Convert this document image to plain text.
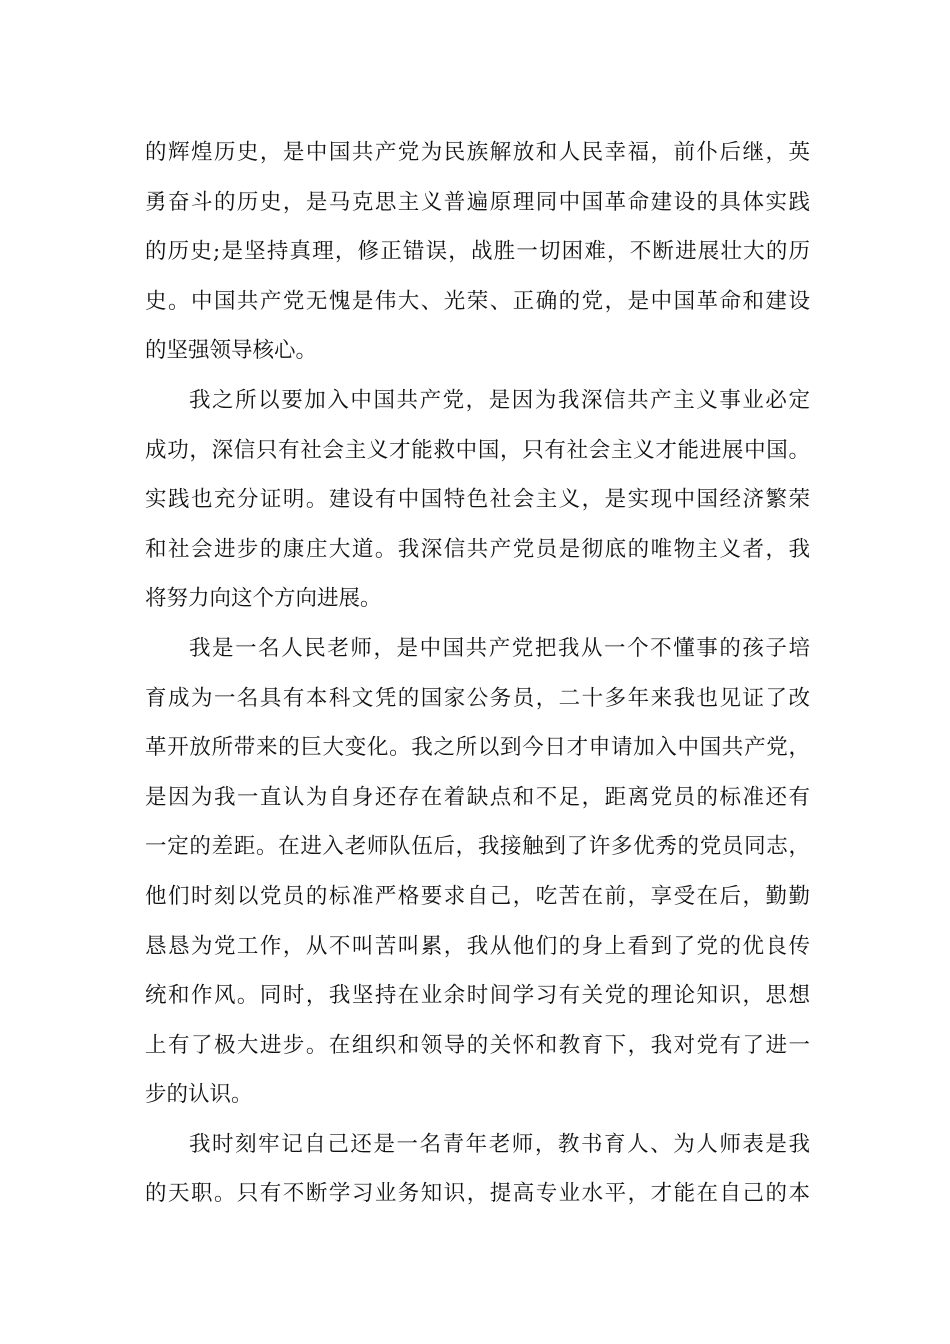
的辉煌历史，是中国共产党为民族解放和人民幸福，前仆后继，英
勇奋斗的历史，是马克思主义普遍原理同中国革命建设的具体实践
的历史;是坚持真理，修正错误，战胜一切困难，不断进展壮大的历
史。中国共产党无愧是伟大、光荣、正确的党，是中国革命和建设
的坚强领导核心。
我之所以要加入中国共产党，是因为我深信共产主义事业必定
成功，深信只有社会主义才能救中国，只有社会主义才能进展中国。
实践也充分证明。建设有中国特色社会主义，是实现中国经济繁荣
和社会进步的康庄大道。我深信共产党员是彻底的唯物主义者，我
将努力向这个方向进展。
我是一名人民老师，是中国共产党把我从一个不懂事的孩子培
育成为一名具有本科文凭的国家公务员，二十多年来我也见证了改
革开放所带来的巨大变化。我之所以到今日才申请加入中国共产党，
是因为我一直认为自身还存在着缺点和不足，距离党员的标准还有
一定的差距。在进入老师队伍后，我接触到了许多优秀的党员同志，
他们时刻以党员的标准严格要求自己，吃苦在前，享受在后，勤勤
恳恳为党工作，从不叫苦叫累，我从他们的身上看到了党的优良传
统和作风。同时，我坚持在业余时间学习有关党的理论知识，思想
上有了极大进步。在组织和领导的关怀和教育下，我对党有了进一
步的认识。
我时刻牢记自己还是一名青年老师，教书育人、为人师表是我
的天职。只有不断学习业务知识，提高专业水平，才能在自己的本
